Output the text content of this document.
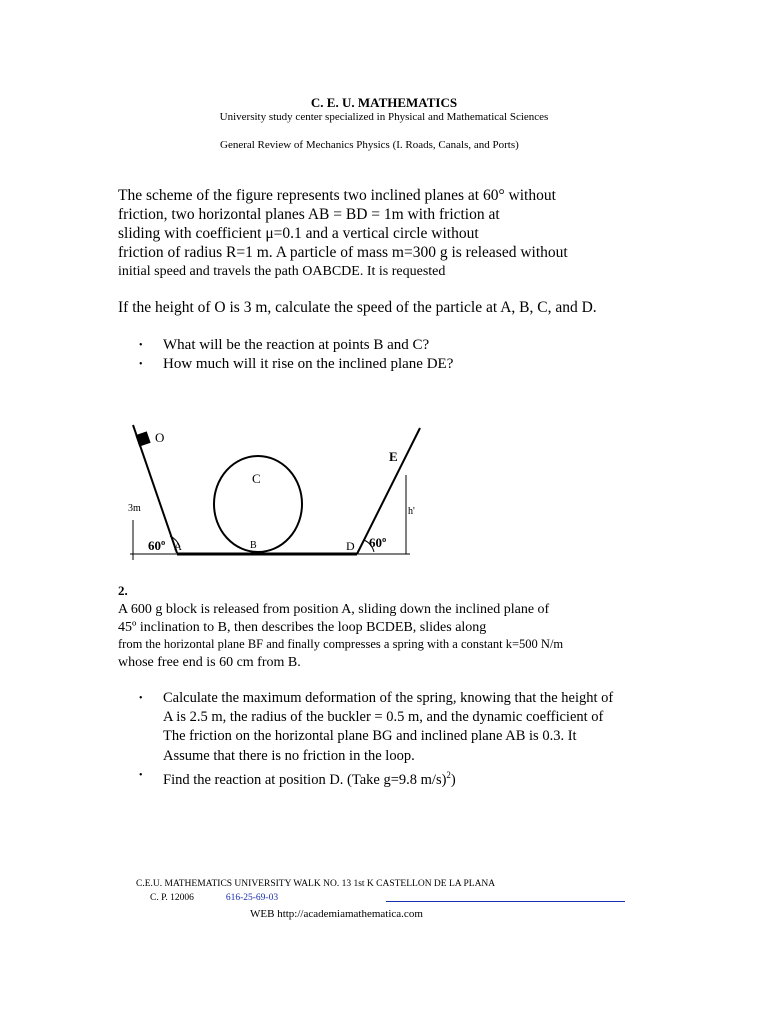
C. E. U. MATHEMATICS
University study center specialized in Physical and Mathematical Sciences
General Review of Mechanics Physics (I. Roads, Canals, and Ports)
The scheme of the figure represents two inclined planes at 60° without
friction, two horizontal planes AB = BD = 1m with friction at
sliding with coefficient μ=0.1 and a vertical circle without
friction of radius R=1 m. A particle of mass m=300 g is released without
initial speed and travels the path OABCDE. It is requested
If the height of O is 3 m, calculate the speed of the particle at A, B, C, and D.
• What will be the reaction at points B and C?
• How much will it rise on the inclined plane DE?
O
C
E
3m	h'
60º A	B	D 60º
2.
A 600 g block is released from position A, sliding down the inclined plane of
45º inclination to B, then describes the loop BCDEB, slides along
from the horizontal plane BF and finally compresses a spring with a constant k=500 N/m
whose free end is 60 cm from B.
• Calculate the maximum deformation of the spring, knowing that the height of
A is 2.5 m, the radius of the buckler = 0.5 m, and the dynamic coefficient of
The friction on the horizontal plane BG and inclined plane AB is 0.3. It
Assume that there is no friction in the loop.
• Find the reaction at position D. (Take g=9.8 m/s)$^2$)
C.E.U. MATHEMATICS UNIVERSITY WALK NO. 13 1st K CASTELLON DE LA PLANA
C. P. 12006	616-25-69-03
WEB http://academiamathematica.com
